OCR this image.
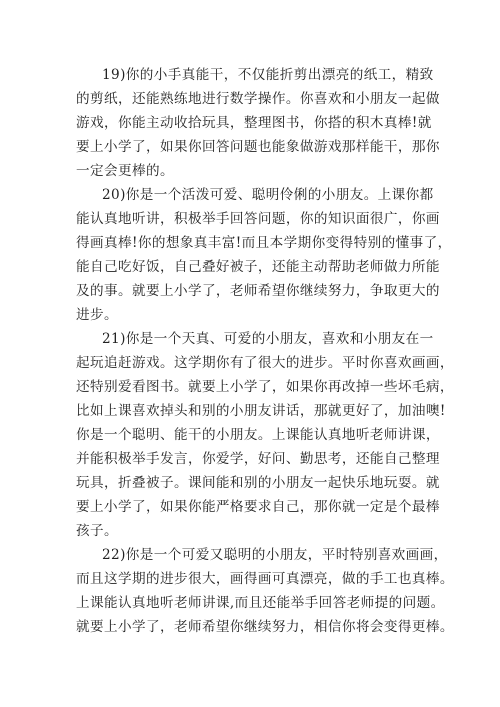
19)你的小手真能干，不仅能折剪出漂亮的纸工，精致
的剪纸，还能熟练地进行数学操作。你喜欢和小朋友一起做
游戏，你能主动收拾玩具，整理图书，你搭的积木真棒!就
要上小学了，如果你回答问题也能象做游戏那样能干，那你
一定会更棒的。
20)你是一个活泼可爱、聪明伶俐的小朋友。上课你都
能认真地听讲，积极举手回答问题，你的知识面很广，你画
得画真棒!你的想象真丰富!而且本学期你变得特别的懂事了，
能自己吃好饭，自己叠好被子，还能主动帮助老师做力所能
及的事。就要上小学了，老师希望你继续努力，争取更大的
进步。
21)你是一个天真、可爱的小朋友，喜欢和小朋友在一
起玩追赶游戏。这学期你有了很大的进步。平时你喜欢画画，
还特别爱看图书。就要上小学了，如果你再改掉一些坏毛病，
比如上课喜欢掉头和别的小朋友讲话，那就更好了，加油噢!
你是一个聪明、能干的小朋友。上课能认真地听老师讲课，
并能积极举手发言，你爱学，好问、勤思考，还能自己整理
玩具，折叠被子。课间能和别的小朋友一起快乐地玩耍。就
要上小学了，如果你能严格要求自己，那你就一定是个最棒
孩子。
22)你是一个可爱又聪明的小朋友，平时特别喜欢画画，
而且这学期的进步很大，画得画可真漂亮，做的手工也真棒。
上课能认真地听老师讲课,而且还能举手回答老师提的问题。
就要上小学了，老师希望你继续努力，相信你将会变得更棒。
